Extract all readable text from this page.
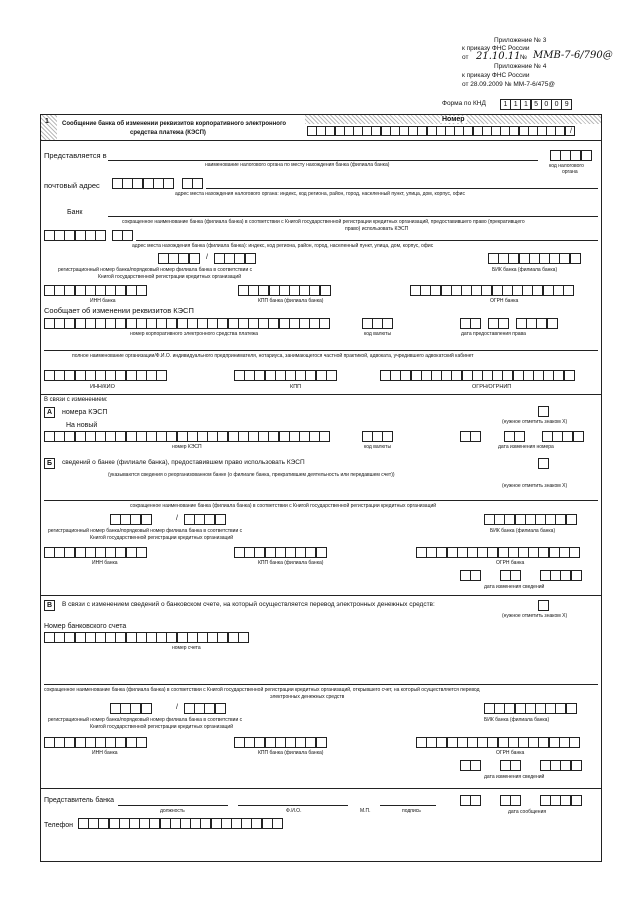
Приложение № 3
к приказу ФНС России
от 21.10.11 № ММВ-7-6/790@
Приложение № 4
к приказу ФНС России
от 28.09.2009 № ММ-7-6/475@
Форма по КНД	1 1 1 5 0 0 9
1 Сообщение банка об изменении реквизитов корпоративного электронного
средства платежа (КЭСП)
Номер
/
Представляется в
наименование налогового органа по месту нахождения банка (филиала банка)	код налогового
органа
почтовый адрес
адрес места нахождения налогового органа: индекс, код региона, район, город, населенный пункт, улица, дом, корпус, офис
Банк
сокращенное наименование банка (филиала банка) в соответствии с Книгой государственной регистрации кредитных организаций, предоставившего право (прекративщего
право) использовать КЭСП
адрес места нахождения банка (филиала банка): индекс, код региона, район, город, населенный пункт, улица, дом, корпус, офис
/
регистрационный номер банка/порядковый номер филиала банка в соответствии с
Книгой государственной регистрации кредитных организаций
БИК банка (филиала банка)
ИНН банка	КПП банка (филиала банка)	ОГРН банка
Сообщает об изменении реквизитов КЭСП
номер корпоративного электронного средства платежа	код валюты	дата предоставления права
полное наименование организации/Ф.И.О. индивидуального предпринимателя, нотариуса, занимающегося частной практикой, адвоката, учредившего адвокатский кабинет
ИНН/КИО	КПП	ОГРН/ОГРНИП
В связи с изменением:
А	номера КЭСП
(нужное отметить знаком X)
На новый
номер КЭСП	код валюты	дата изменения номера
Б	сведений о банке (филиале банка), предоставившем право использовать КЭСП
(указываются сведения о реорганизованном банке (о филиале банка, прекратившем деятельность или передавшем счет))
(нужное отметить знаком X)
сокращенное наименование банка (филиала банка) в соответствии с Книгой государственной регистрации кредитных организаций
/
регистрационный номер банка/порядковый номер филиала банка в соответствии с
Книгой государственной регистрации кредитных организаций
БИК банка (филиала банка)
ИНН банка	КПП банка (филиала банка)	ОГРН банка
дата изменения сведений
В	В связи с изменением сведений о банковском счете, на который осуществляется перевод электронных денежных средств:
(нужное отметить знаком X)
Номер банковского счета
номер счета
сокращенное наименование банка (филиала банка) в соответствии с Книгой государственной регистрации кредитных организаций, открывшего счет, на который осуществляется перевод
электронных денежных средств
/
регистрационный номер банка/порядковый номер филиала банка в соответствии с
Книгой государственной регистрации кредитных организаций
БИК банка (филиала банка)
ИНН банка	КПП банка (филиала банка)	ОГРН банка
дата изменения сведений
Представитель банка
должность	Ф.И.О.	М.П.	подпись	дата сообщения
Телефон
